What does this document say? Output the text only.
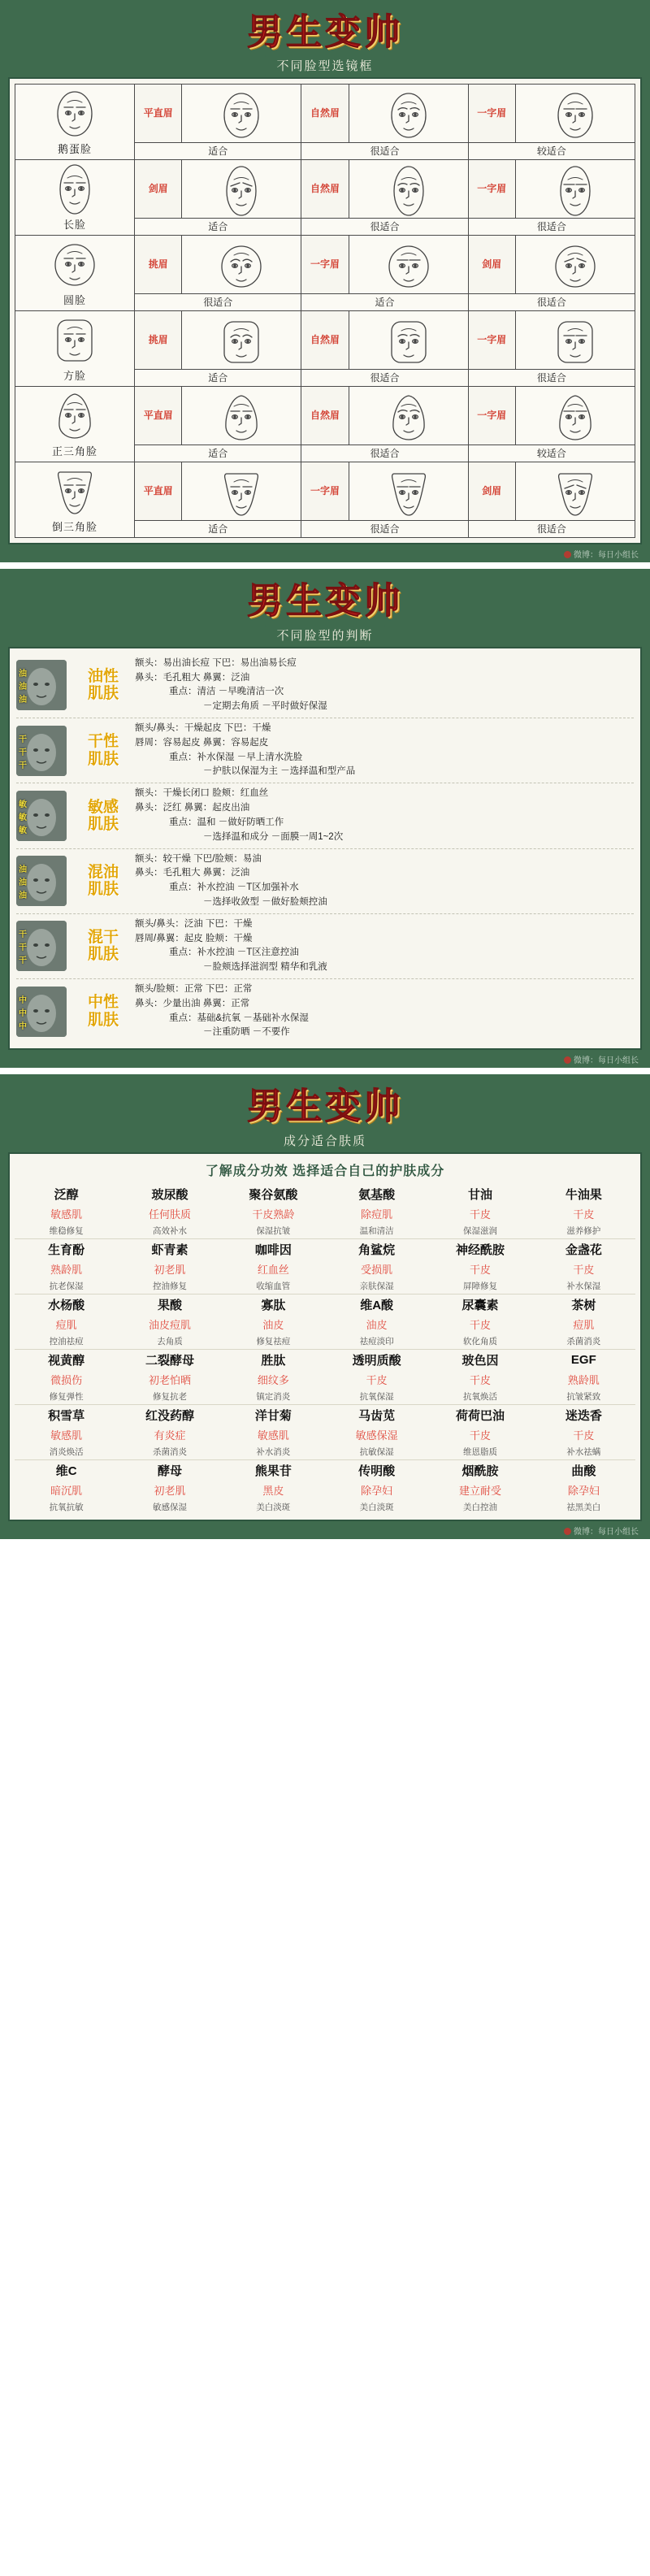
男生变帅
不同脸型选镜框
鹅蛋脸	平直眉		自然眉		一字眉	

	适合		很适合		较适合	

长脸	剑眉		自然眉		一字眉	

	适合		很适合		很适合	

圆脸	挑眉		一字眉		剑眉	

	很适合		适合		很适合	

方脸	挑眉		自然眉		一字眉	

	适合		很适合		很适合	

正三角脸	平直眉		自然眉		一字眉	

	适合		很适合		较适合	

倒三角脸	平直眉		一字眉		剑眉	

	适合		很适合		很适合	
微博：每日小组长
男生变帅
不同脸型的判断
油
油
油
油性
肌肤
额头：易出油长痘 下巴：易出油易长痘
鼻头：毛孔粗大 鼻翼：泛油
重点：清洁 －早晚清洁一次
－定期去角质 －平时做好保湿
干
干
干
干性
肌肤
额头/鼻头：干燥起皮 下巴：干燥
唇周：容易起皮 鼻翼：容易起皮
重点：补水保湿 －早上清水洗脸
－护肤以保湿为主 －选择温和型产品
敏
敏
敏
敏感
肌肤
额头：干燥长闭口 脸颊：红血丝
鼻头：泛红 鼻翼：起皮出油
重点：温和 －做好防晒工作
－选择温和成分 －面膜一周1~2次
油
油
油
混油
肌肤
额头：较干燥 下巴/脸颊：易油
鼻头：毛孔粗大 鼻翼：泛油
重点：补水控油 －T区加强补水
－选择收敛型 －做好脸颊控油
干
干
干
混干
肌肤
额头/鼻头：泛油 下巴：干燥
唇周/鼻翼：起皮 脸颊：干燥
重点：补水控油 －T区注意控油
－脸颊选择滋润型 精华和乳液
中
中
中
中性
肌肤
额头/脸颊：正常 下巴：正常
鼻头：少量出油 鼻翼：正常
重点：基础&抗氧 －基础补水保湿
－注重防晒 －不要作
微博：每日小组长
男生变帅
成分适合肤质
了解成分功效 选择适合自己的护肤成分
泛醇	玻尿酸	聚谷氨酸	氨基酸	甘油	牛油果
敏感肌	任何肤质	干皮熟龄	除痘肌	干皮	干皮
维稳修复	高效补水	保湿抗皱	温和清洁	保湿滋润	滋养修护
生育酚	虾青素	咖啡因	角鲨烷	神经酰胺	金盏花
熟龄肌	初老肌	红血丝	受损肌	干皮	干皮
抗老保湿	控油修复	收缩血管	亲肤保湿	屏障修复	补水保湿
水杨酸	果酸	寡肽	维A酸	尿囊素	茶树
痘肌	油皮痘肌	油皮	油皮	干皮	痘肌
控油祛痘	去角质	修复祛痘	祛痘淡印	软化角质	杀菌消炎
视黄醇	二裂酵母	胜肽	透明质酸	玻色因	EGF
微损伤	初老怕晒	细纹多	干皮	干皮	熟龄肌
修复弹性	修复抗老	镇定消炎	抗氧保湿	抗氧焕活	抗皱紧致
积雪草	红没药醇	洋甘菊	马齿苋	荷荷巴油	迷迭香
敏感肌	有炎症	敏感肌	敏感保湿	干皮	干皮
消炎焕活	杀菌消炎	补水消炎	抗敏保湿	维恩脂质	补水祛螨
维C	酵母	熊果苷	传明酸	烟酰胺	曲酸
暗沉肌	初老肌	黑皮	除孕妇	建立耐受	除孕妇
抗氧抗敏	敏感保湿	美白淡斑	美白淡斑	美白控油	祛黑美白
微博：每日小组长
